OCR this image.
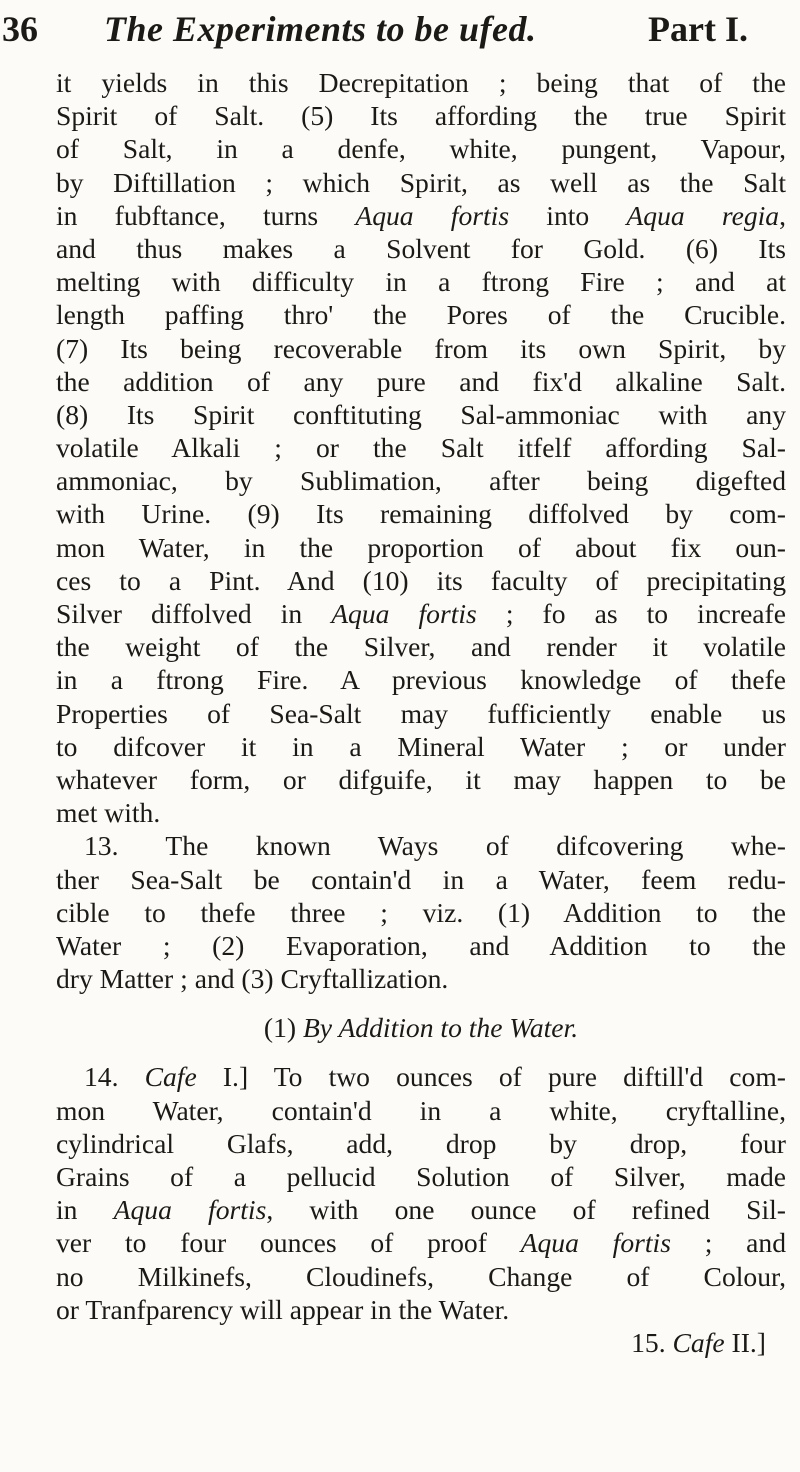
36 The Experiments to be ufed.	Part I.
it yields in this Decrepitation ; being that of the
Spirit of Salt. (5) Its affording the true Spirit
of Salt, in a denfe, white, pungent, Vapour,
by Diftillation ; which Spirit, as well as the Salt
in fubftance, turns Aqua fortis into Aqua regia,
and thus makes a Solvent for Gold. (6) Its
melting with difficulty in a ftrong Fire ; and at
length paffing thro' the Pores of the Crucible.
(7) Its being recoverable from its own Spirit, by
the addition of any pure and fix'd alkaline Salt.
(8) Its Spirit conftituting Sal-ammoniac with any
volatile Alkali ; or the Salt itfelf affording Sal-
ammoniac, by Sublimation, after being digefted
with Urine. (9) Its remaining diffolved by com-
mon Water, in the proportion of about fix oun-
ces to a Pint. And (10) its faculty of precipitating
Silver diffolved in Aqua fortis ; fo as to increafe
the weight of the Silver, and render it volatile
in a ftrong Fire. A previous knowledge of thefe
Properties of Sea-Salt may fufficiently enable us
to difcover it in a Mineral Water ; or under
whatever form, or difguife, it may happen to be
met with.
13. The known Ways of difcovering whe-
ther Sea-Salt be contain'd in a Water, feem redu-
cible to thefe three ; viz. (1) Addition to the
Water ; (2) Evaporation, and Addition to the
dry Matter ; and (3) Cryftallization.
(1) By Addition to the Water.
14. Cafe I.] To two ounces of pure diftill'd com-
mon Water, contain'd in a white, cryftalline,
cylindrical Glafs, add, drop by drop, four
Grains of a pellucid Solution of Silver, made
in Aqua fortis, with one ounce of refined Sil-
ver to four ounces of proof Aqua fortis ; and
no Milkinefs, Cloudinefs, Change of Colour,
or Tranfparency will appear in the Water.
15. Cafe II.]
